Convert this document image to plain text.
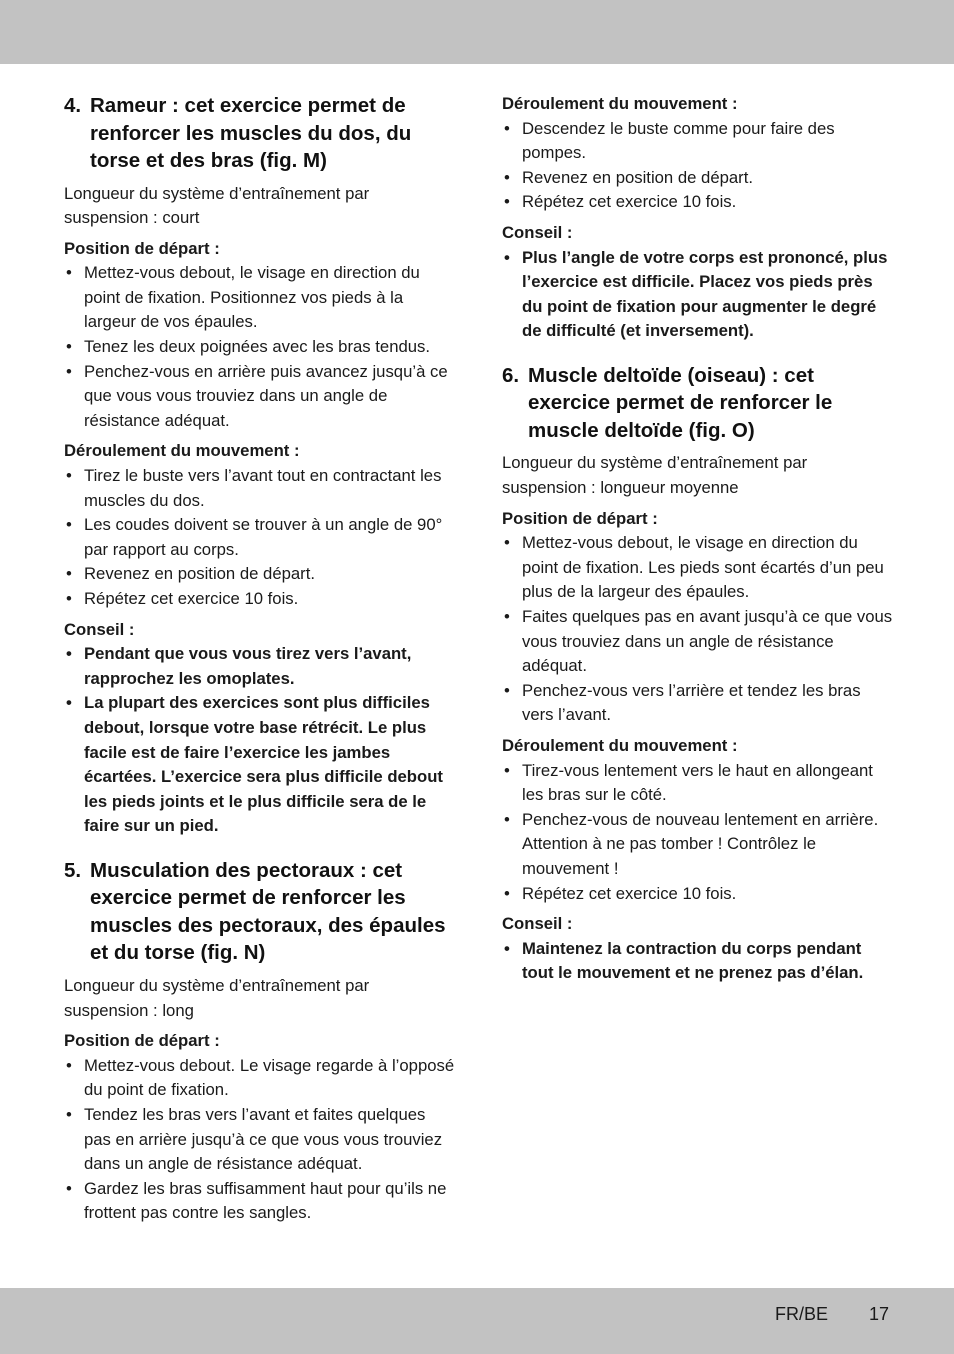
4. Rameur : cet exercice permet de renforcer les muscles du dos, du torse et des bras (fig. M)
Longueur du système d’entraînement par suspension : court
Position de départ :
• Mettez-vous debout, le visage en direction du point de fixation. Positionnez vos pieds à la largeur de vos épaules.
• Tenez les deux poignées avec les bras tendus.
• Penchez-vous en arrière puis avancez jusqu’à ce que vous vous trouviez dans un angle de résistance adéquat.
Déroulement du mouvement :
• Tirez le buste vers l’avant tout en contractant les muscles du dos.
• Les coudes doivent se trouver à un angle de 90° par rapport au corps.
• Revenez en position de départ.
• Répétez cet exercice 10 fois.
Conseil :
• Pendant que vous vous tirez vers l’avant, rapprochez les omoplates.
• La plupart des exercices sont plus difficiles debout, lorsque votre base rétrécit. Le plus facile est de faire l’exercice les jambes écartées. L’exercice sera plus difficile debout les pieds joints et le plus difficile sera de le faire sur un pied.
5. Musculation des pectoraux : cet exercice permet de renforcer les muscles des pectoraux, des épaules et du torse (fig. N)
Longueur du système d’entraînement par suspension : long
Position de départ :
• Mettez-vous debout. Le visage regarde à l’opposé du point de fixation.
• Tendez les bras vers l’avant et faites quelques pas en arrière jusqu’à ce que vous vous trouviez dans un angle de résistance adéquat.
• Gardez les bras suffisamment haut pour qu’ils ne frottent pas contre les sangles.
Déroulement du mouvement :
• Descendez le buste comme pour faire des pompes.
• Revenez en position de départ.
• Répétez cet exercice 10 fois.
Conseil :
• Plus l’angle de votre corps est prononcé, plus l’exercice est difficile. Placez vos pieds près du point de fixation pour augmenter le degré de difficulté (et inversement).
6. Muscle deltoïde (oiseau) : cet exercice permet de renforcer le muscle deltoïde (fig. O)
Longueur du système d’entraînement par suspension : longueur moyenne
Position de départ :
• Mettez-vous debout, le visage en direction du point de fixation. Les pieds sont écartés d’un peu plus de la largeur des épaules.
• Faites quelques pas en avant jusqu’à ce que vous vous trouviez dans un angle de résistance adéquat.
• Penchez-vous vers l’arrière et tendez les bras vers l’avant.
Déroulement du mouvement :
• Tirez-vous lentement vers le haut en allongeant les bras sur le côté.
• Penchez-vous de nouveau lentement en arrière. Attention à ne pas tomber ! Contrôlez le mouvement !
• Répétez cet exercice 10 fois.
Conseil :
• Maintenez la contraction du corps pendant tout le mouvement et ne prenez pas d’élan.
FR/BE 17
